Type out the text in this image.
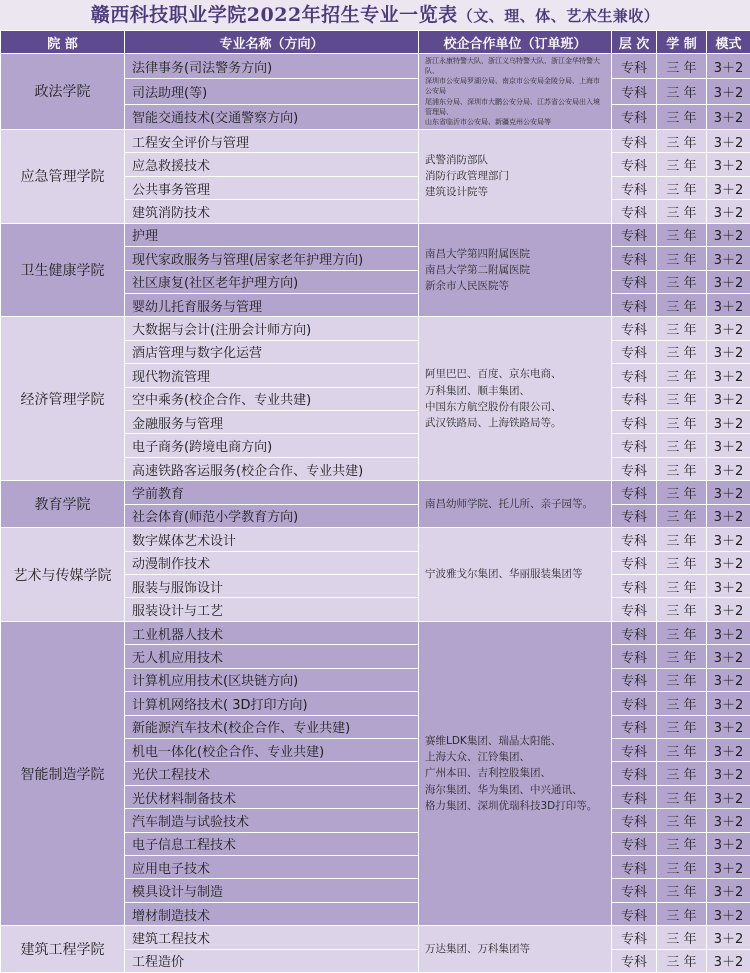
赣西科技职业学院2022年招生专业一览表（文、理、体、艺术生兼收）
院 部	专业名称（方向）	校企合作单位（订单班）	层 次	学 制	模式
政法学院	法律事务(司法警务方向)	浙江永康特警大队、浙江义乌特警大队、浙江金华特警大队、
深圳市公安局罗湖分局、南京市公安局金陵分局、上海市公安局
尾浦东分局、深圳市大鹏公安分局、江苏省公安局出入境管理局、
山东省临沂市公安局、新疆克州公安局等	专科	三 年	3＋2
	司法助理(等)		专科	三 年	3＋2
	智能交通技术(交通警察方向)		专科	三 年	3＋2
应急管理学院	工程安全评价与管理	武警消防部队
消防行政管理部门
建筑设计院等	专科	三 年	3＋2
	应急救援技术		专科	三 年	3＋2
	公共事务管理		专科	三 年	3＋2
	建筑消防技术		专科	三 年	3＋2
卫生健康学院	护理	南昌大学第四附属医院
南昌大学第二附属医院
新余市人民医院等	专科	三 年	3＋2
	现代家政服务与管理(居家老年护理方向)		专科	三 年	3＋2
	社区康复(社区老年护理方向)		专科	三 年	3＋2
	婴幼儿托育服务与管理		专科	三 年	3＋2
经济管理学院	大数据与会计(注册会计师方向)	阿里巴巴、百度、京东电商、
万科集团、顺丰集团、
中国东方航空股份有限公司、
武汉铁路局、上海铁路局等。	专科	三 年	3＋2
	酒店管理与数字化运营		专科	三 年	3＋2
	现代物流管理		专科	三 年	3＋2
	空中乘务(校企合作、专业共建)		专科	三 年	3＋2
	金融服务与管理		专科	三 年	3＋2
	电子商务(跨境电商方向)		专科	三 年	3＋2
	高速铁路客运服务(校企合作、专业共建)		专科	三 年	3＋2
教育学院	学前教育	南昌幼师学院、托儿所、亲子园等。	专科	三 年	3＋2
	社会体育(师范小学教育方向)		专科	三 年	3＋2
艺术与传媒学院	数字媒体艺术设计	宁波雅戈尔集团、华丽服装集团等	专科	三 年	3＋2
	动漫制作技术		专科	三 年	3＋2
	服装与服饰设计		专科	三 年	3＋2
	服装设计与工艺		专科	三 年	3＋2
智能制造学院	工业机器人技术	赛维LDK集团、瑞晶太阳能、
上海大众、江铃集团、
广州本田、吉利控股集团、
海尔集团、华为集团、中兴通讯、
格力集团、深圳优瑞科技3D打印等。	专科	三 年	3＋2
	无人机应用技术		专科	三 年	3＋2
	计算机应用技术(区块链方向)		专科	三 年	3＋2
	计算机网络技术( 3D打印方向)		专科	三 年	3＋2
	新能源汽车技术(校企合作、专业共建)		专科	三 年	3＋2
	机电一体化(校企合作、专业共建)		专科	三 年	3＋2
	光伏工程技术		专科	三 年	3＋2
	光伏材料制备技术		专科	三 年	3＋2
	汽车制造与试验技术		专科	三 年	3＋2
	电子信息工程技术		专科	三 年	3＋2
	应用电子技术		专科	三 年	3＋2
	模具设计与制造		专科	三 年	3＋2
	增材制造技术		专科	三 年	3＋2
建筑工程学院	建筑工程技术	万达集团、万科集团等	专科	三 年	3＋2
	工程造价		专科	三 年	3＋2
